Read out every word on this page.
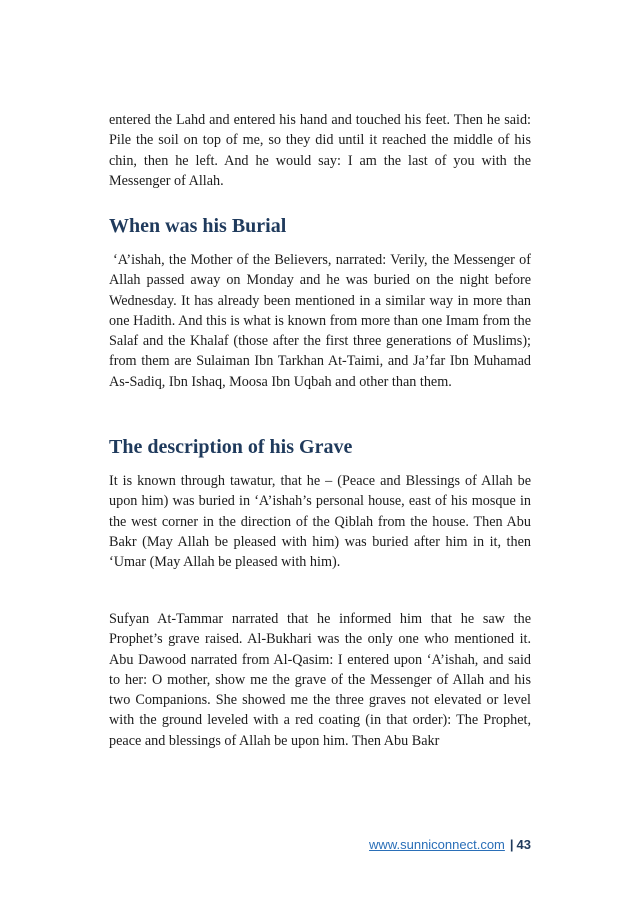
entered the Lahd and entered his hand and touched his feet. Then he said: Pile the soil on top of me, so they did until it reached the middle of his chin, then he left. And he would say: I am the last of you with the Messenger of Allah.

When was his Burial

‘A’ishah, the Mother of the Believers, narrated: Verily, the Messenger of Allah passed away on Monday and he was buried on the night before Wednesday. It has already been mentioned in a similar way in more than one Hadith. And this is what is known from more than one Imam from the Salaf and the Khalaf (those after the first three generations of Muslims); from them are Sulaiman Ibn Tarkhan At-Taimi, and Ja’far Ibn Muhamad As-Sadiq, Ibn Ishaq, Moosa Ibn Uqbah and other than them.

The description of his Grave

It is known through tawatur, that he – (Peace and Blessings of Allah be upon him) was buried in ‘A’ishah’s personal house, east of his mosque in the west corner in the direction of the Qiblah from the house. Then Abu Bakr (May Allah be pleased with him) was buried after him in it, then ‘Umar (May Allah be pleased with him).

Sufyan At-Tammar narrated that he informed him that he saw the Prophet’s grave raised. Al-Bukhari was the only one who mentioned it. Abu Dawood narrated from Al-Qasim: I entered upon ‘A’ishah, and said to her: O mother, show me the grave of the Messenger of Allah and his two Companions. She showed me the three graves not elevated or level with the ground leveled with a red coating (in that order): The Prophet, peace and blessings of Allah be upon him. Then Abu Bakr

www.sunniconnect.com | 43
